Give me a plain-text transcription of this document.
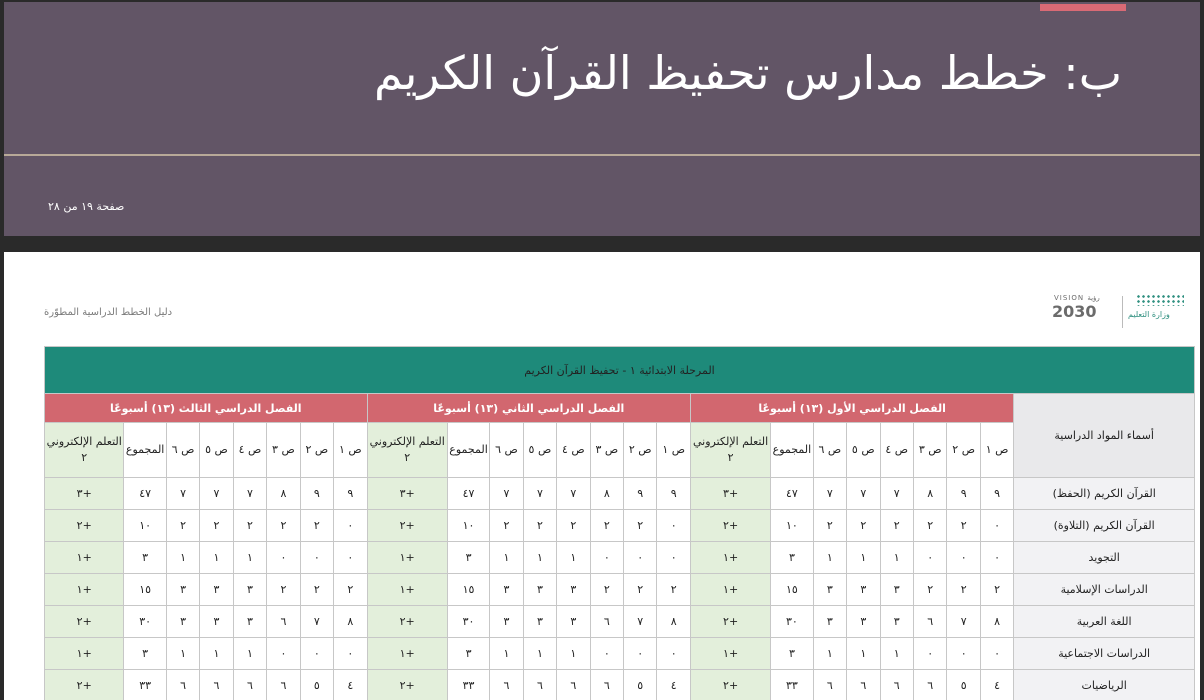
ب: خطط مدارس تحفيظ القرآن الكريم
صفحة ١٩ من ٢٨
دليل الخطط الدراسية المطوّرة
VISION رؤية
2030	وزارة التعليم
المرحلة الابتدائية ١ - تحفيظ القرآن الكريم																								
أسماء المواد الدراسية	الفصل الدراسي الأول (١٣) أسبوعًا								الفصل الدراسي الثاني (١٣) أسبوعًا								الفصل الدراسي الثالث (١٣) أسبوعًا							
	ص ١	ص ٢	ص ٣	ص ٤	ص ٥	ص ٦	المجموع	التعلم الإلكتروني ٢	ص ١	ص ٢	ص ٣	ص ٤	ص ٥	ص ٦	المجموع	التعلم الإلكتروني ٢	ص ١	ص ٢	ص ٣	ص ٤	ص ٥	ص ٦	المجموع	التعلم الإلكتروني ٢
القرآن الكريم (الحفظ)	٩	٩	٨	٧	٧	٧	٤٧	+٣	٩	٩	٨	٧	٧	٧	٤٧	+٣	٩	٩	٨	٧	٧	٧	٤٧	+٣
القرآن الكريم (التلاوة)	٠	٢	٢	٢	٢	٢	١٠	+٢	٠	٢	٢	٢	٢	٢	١٠	+٢	٠	٢	٢	٢	٢	٢	١٠	+٢
التجويد	٠	٠	٠	١	١	١	٣	+١	٠	٠	٠	١	١	١	٣	+١	٠	٠	٠	١	١	١	٣	+١
الدراسات الإسلامية	٢	٢	٢	٣	٣	٣	١٥	+١	٢	٢	٢	٣	٣	٣	١٥	+١	٢	٢	٢	٣	٣	٣	١٥	+١
اللغة العربية	٨	٧	٦	٣	٣	٣	٣٠	+٢	٨	٧	٦	٣	٣	٣	٣٠	+٢	٨	٧	٦	٣	٣	٣	٣٠	+٢
الدراسات الاجتماعية	٠	٠	٠	١	١	١	٣	+١	٠	٠	٠	١	١	١	٣	+١	٠	٠	٠	١	١	١	٣	+١
الرياضيات	٤	٥	٦	٦	٦	٦	٣٣	+٢	٤	٥	٦	٦	٦	٦	٣٣	+٢	٤	٥	٦	٦	٦	٦	٣٣	+٢
